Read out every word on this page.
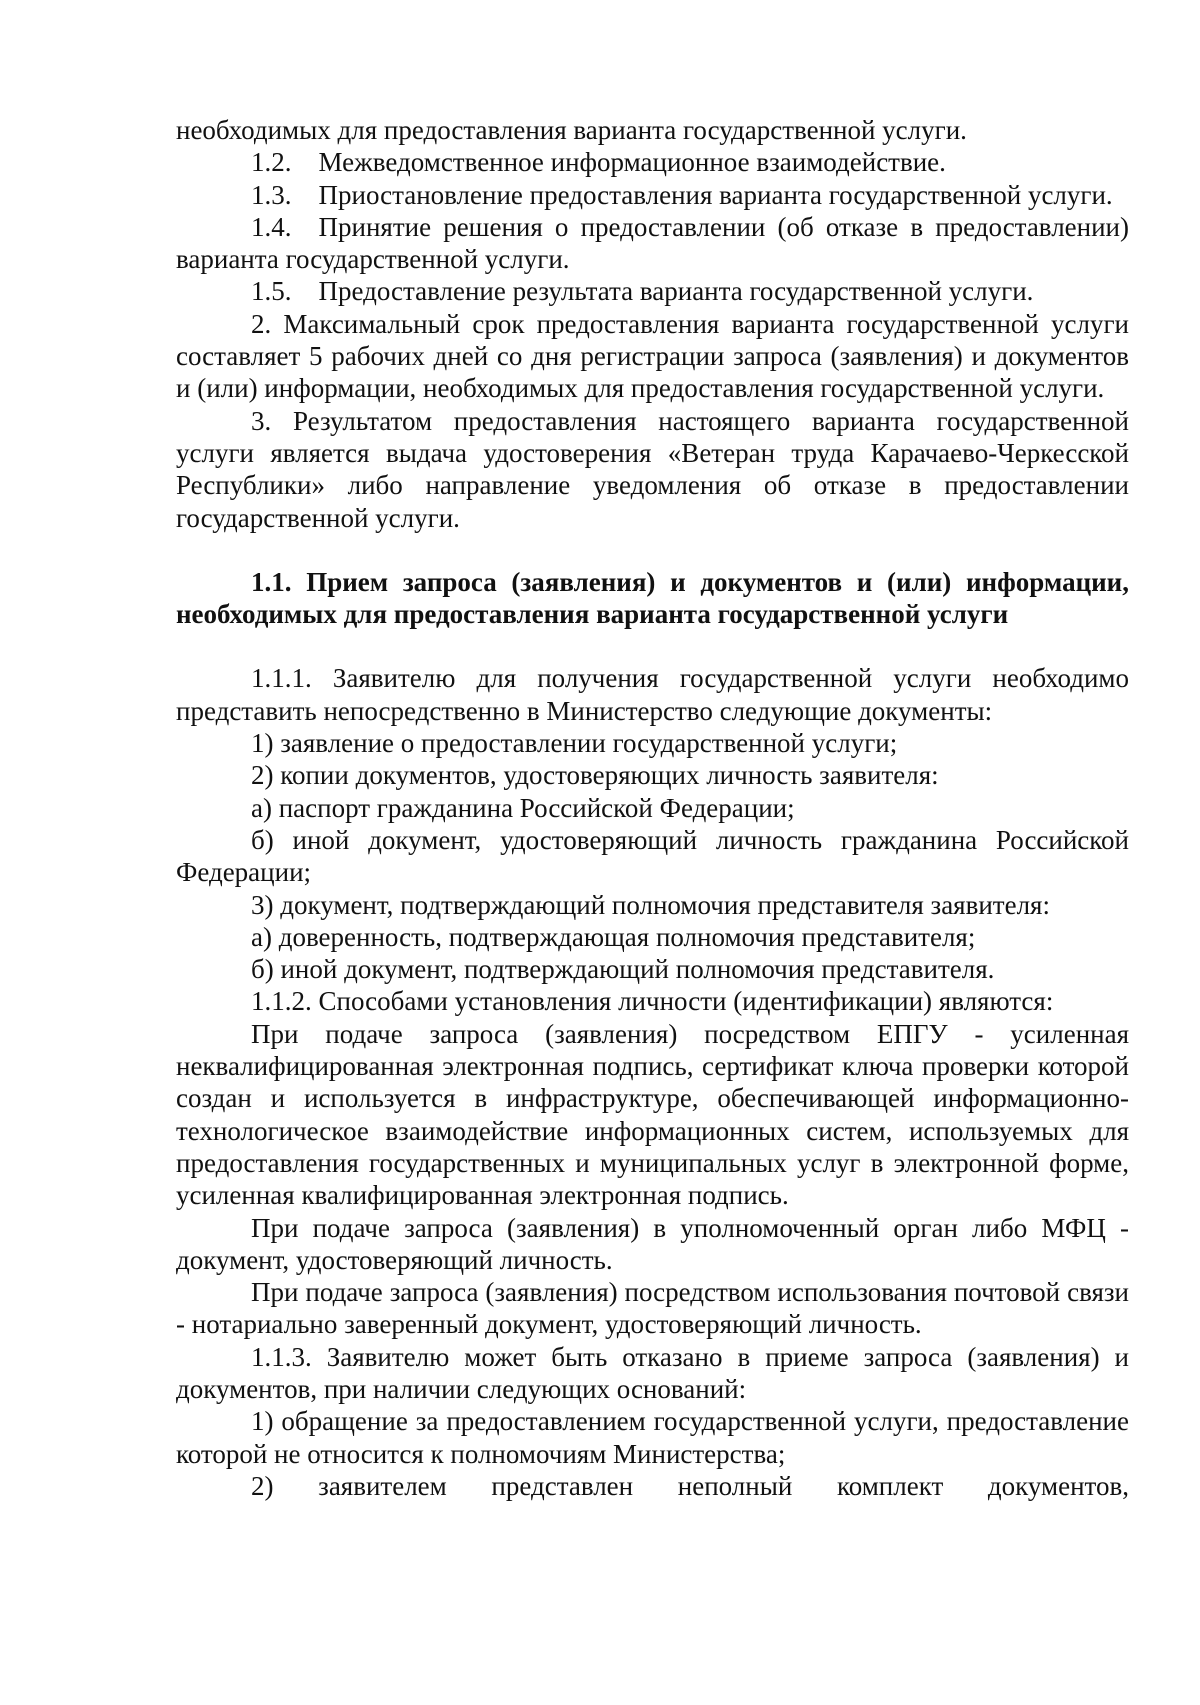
необходимых для предоставления варианта государственной услуги.

1.2. Межведомственное информационное взаимодействие.

1.3. Приостановление предоставления варианта государственной услуги.

1.4. Принятие решения о предоставлении (об отказе в предоставлении) варианта государственной услуги.

1.5. Предоставление результата варианта государственной услуги.

2. Максимальный срок предоставления варианта государственной услуги составляет 5 рабочих дней со дня регистрации запроса (заявления) и документов и (или) информации, необходимых для предоставления государственной услуги.

3. Результатом предоставления настоящего варианта государственной услуги является выдача удостоверения «Ветеран труда Карачаево-Черкесской Республики» либо направление уведомления об отказе в предоставлении государственной услуги.

1.1. Прием запроса (заявления) и документов и (или) информации, необходимых для предоставления варианта государственной услуги

1.1.1. Заявителю для получения государственной услуги необходимо представить непосредственно в Министерство следующие документы:

1) заявление о предоставлении государственной услуги;

2) копии документов, удостоверяющих личность заявителя:

а) паспорт гражданина Российской Федерации;

б) иной документ, удостоверяющий личность гражданина Российской Федерации;

3) документ, подтверждающий полномочия представителя заявителя:

а) доверенность, подтверждающая полномочия представителя;

б) иной документ, подтверждающий полномочия представителя.

1.1.2. Способами установления личности (идентификации) являются:

При подаче запроса (заявления) посредством ЕПГУ - усиленная неквалифицированная электронная подпись, сертификат ключа проверки которой создан и используется в инфраструктуре, обеспечивающей информационно-технологическое взаимодействие информационных систем, используемых для предоставления государственных и муниципальных услуг в электронной форме, усиленная квалифицированная электронная подпись.

При подаче запроса (заявления) в уполномоченный орган либо МФЦ - документ, удостоверяющий личность.

При подаче запроса (заявления) посредством использования почтовой связи - нотариально заверенный документ, удостоверяющий личность.

1.1.3. Заявителю может быть отказано в приеме запроса (заявления) и документов, при наличии следующих оснований:

1) обращение за предоставлением государственной услуги, предоставление которой не относится к полномочиям Министерства;

2) заявителем представлен неполный комплект документов,
